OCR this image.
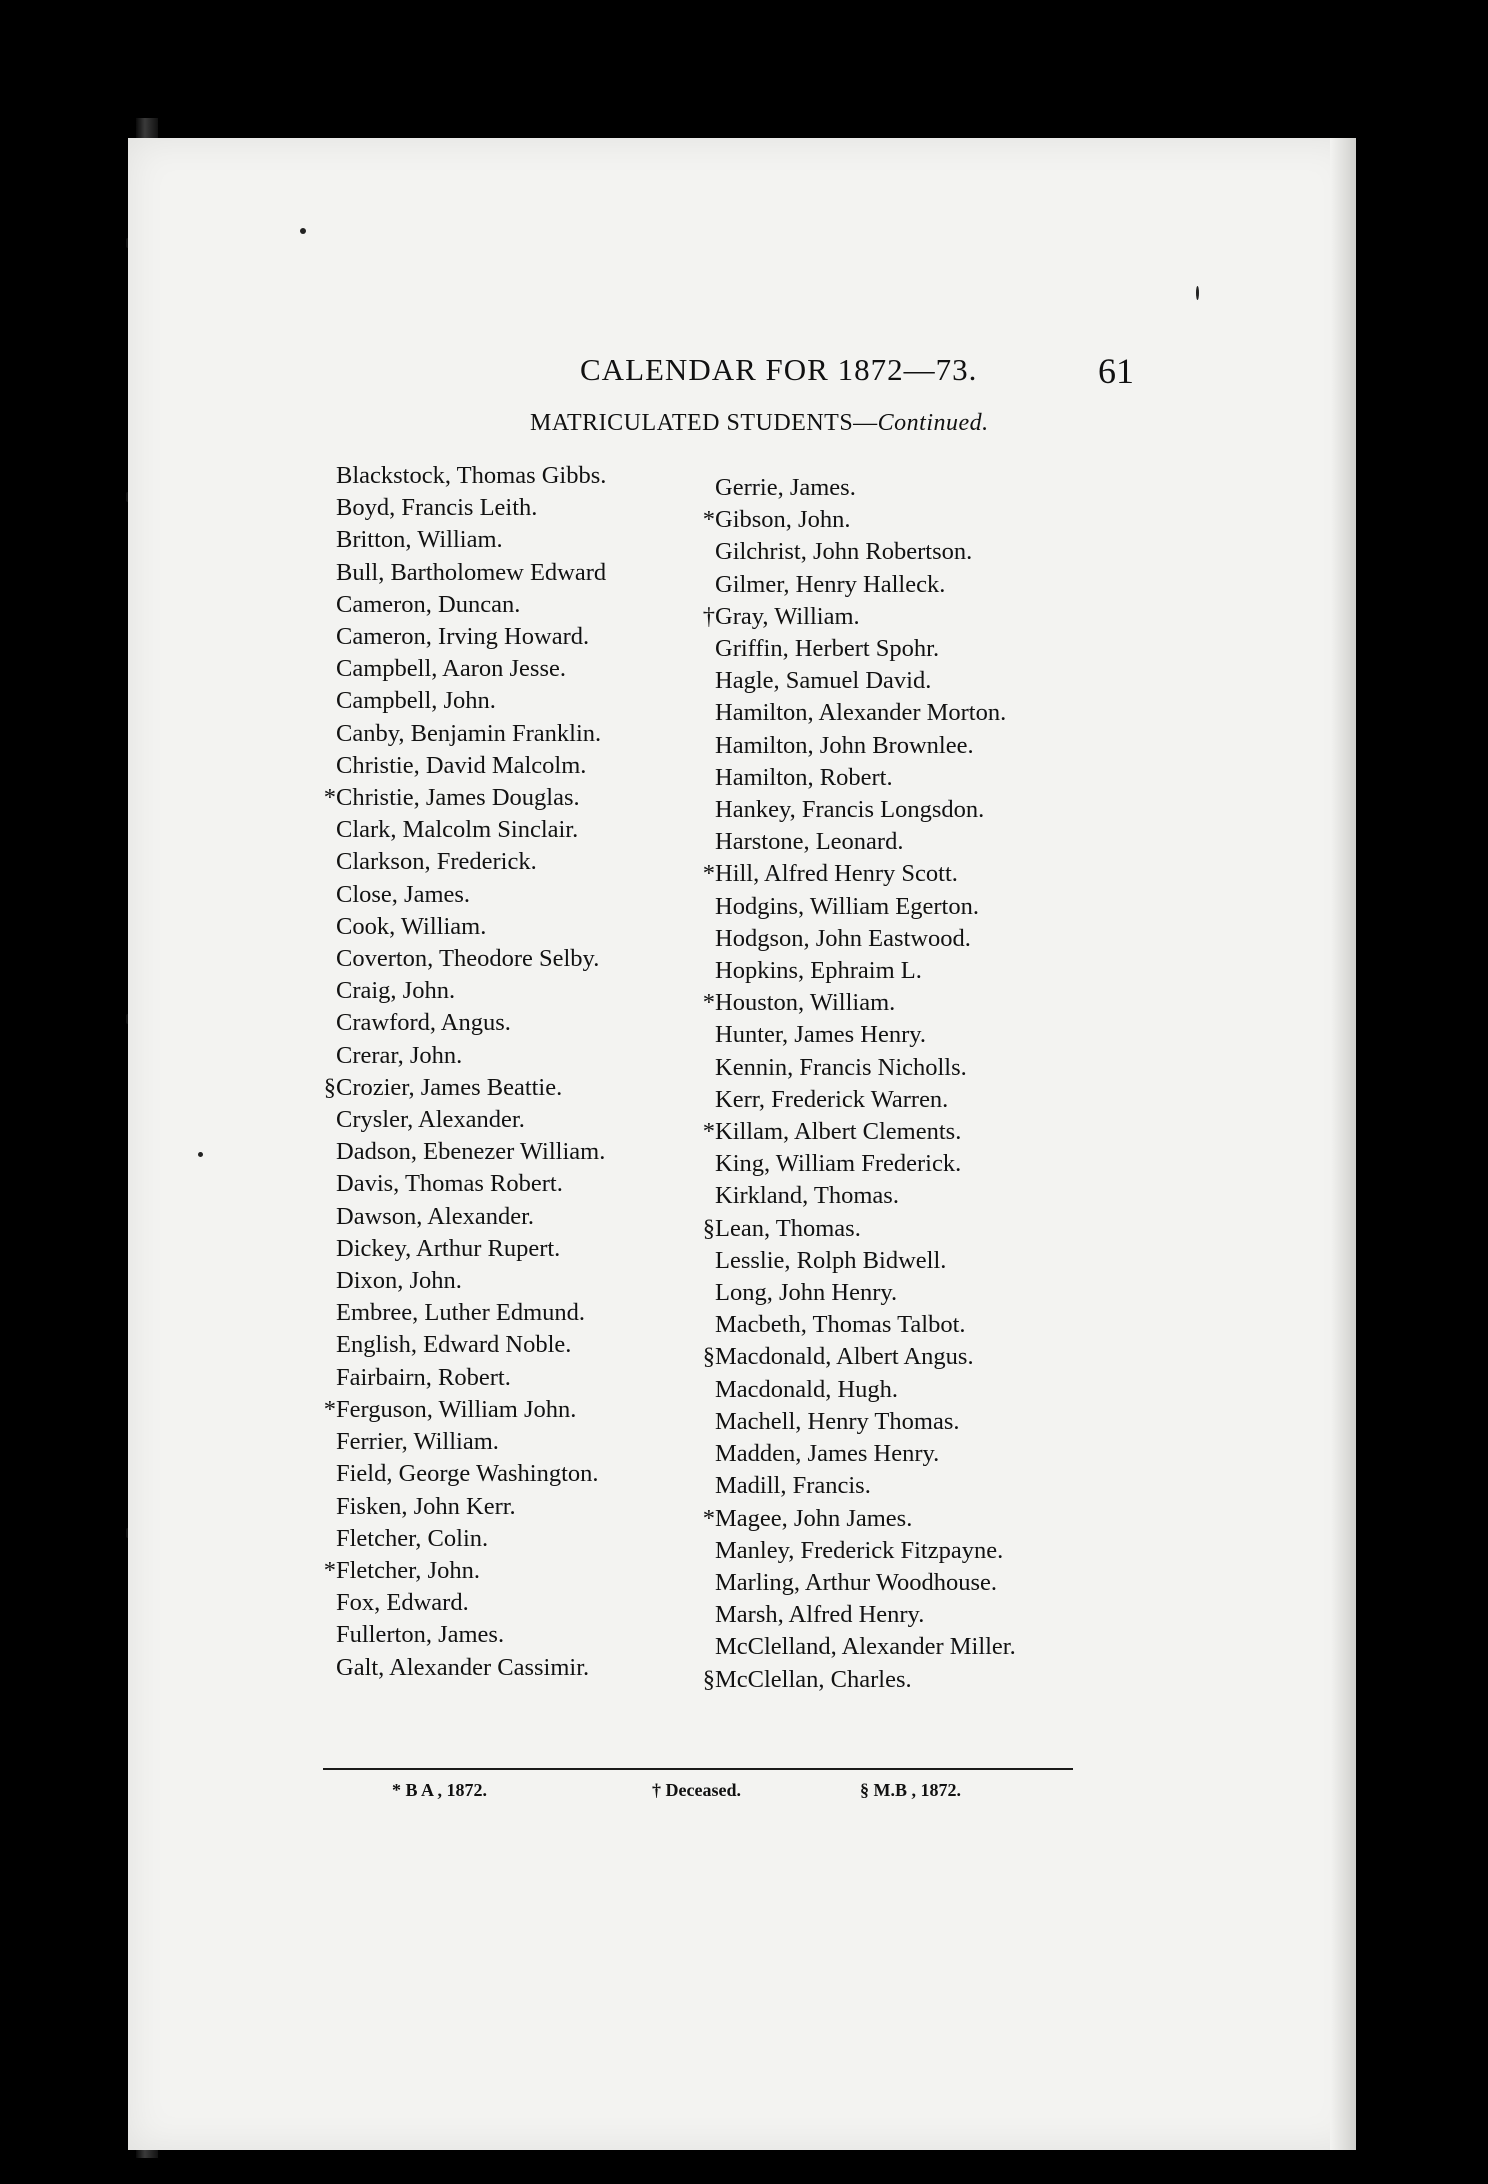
CALENDAR FOR 1872—73.	61
MATRICULATED STUDENTS—Continued.
Blackstock, Thomas Gibbs.
Boyd, Francis Leith.
Britton, William.
Bull, Bartholomew Edward
Cameron, Duncan.
Cameron, Irving Howard.
Campbell, Aaron Jesse.
Campbell, John.
Canby, Benjamin Franklin.
Christie, David Malcolm.
*Christie, James Douglas.
Clark, Malcolm Sinclair.
Clarkson, Frederick.
Close, James.
Cook, William.
Coverton, Theodore Selby.
Craig, John.
Crawford, Angus.
Crerar, John.
§Crozier, James Beattie.
Crysler, Alexander.
Dadson, Ebenezer William.
Davis, Thomas Robert.
Dawson, Alexander.
Dickey, Arthur Rupert.
Dixon, John.
Embree, Luther Edmund.
English, Edward Noble.
Fairbairn, Robert.
*Ferguson, William John.
Ferrier, William.
Field, George Washington.
Fisken, John Kerr.
Fletcher, Colin.
*Fletcher, John.
Fox, Edward.
Fullerton, James.
Galt, Alexander Cassimir.
Gerrie, James.
*Gibson, John.
Gilchrist, John Robertson.
Gilmer, Henry Halleck.
†Gray, William.
Griffin, Herbert Spohr.
Hagle, Samuel David.
Hamilton, Alexander Morton.
Hamilton, John Brownlee.
Hamilton, Robert.
Hankey, Francis Longsdon.
Harstone, Leonard.
*Hill, Alfred Henry Scott.
Hodgins, William Egerton.
Hodgson, John Eastwood.
Hopkins, Ephraim L.
*Houston, William.
Hunter, James Henry.
Kennin, Francis Nicholls.
Kerr, Frederick Warren.
*Killam, Albert Clements.
King, William Frederick.
Kirkland, Thomas.
§Lean, Thomas.
Lesslie, Rolph Bidwell.
Long, John Henry.
Macbeth, Thomas Talbot.
§Macdonald, Albert Angus.
Macdonald, Hugh.
Machell, Henry Thomas.
Madden, James Henry.
Madill, Francis.
*Magee, John James.
Manley, Frederick Fitzpayne.
Marling, Arthur Woodhouse.
Marsh, Alfred Henry.
McClelland, Alexander Miller.
§McClellan, Charles.
* B A , 1872.	† Deceased.	§ M.B , 1872.
